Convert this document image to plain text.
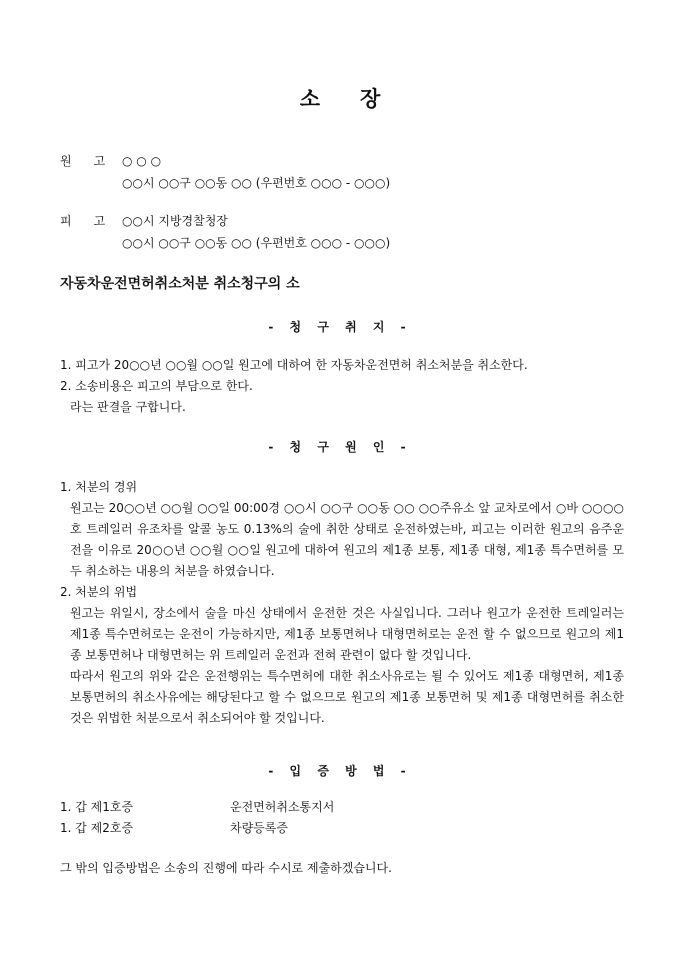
소 장
원 고 ○ ○ ○
○○시 ○○구 ○○동 ○○ (우편번호 ○○○ - ○○○)
피 고 ○○시 지방경찰청장
○○시 ○○구 ○○동 ○○ (우편번호 ○○○ - ○○○)
자동차운전면허취소처분 취소청구의 소
- 청 구 취 지 -

1. 피고가 20○○년 ○○월 ○○일 원고에 대하여 한 자동차운전면허 취소처분을 취소한다.

2. 소송비용은 피고의 부담으로 한다.

라는 판결을 구합니다.

- 청 구 원 인 -

1. 처분의 경위

원고는 20○○년 ○○월 ○○일 00:00경 ○○시 ○○구 ○○동 ○○ ○○주유소 앞 교차로에서 ○바 ○○○○호 트레일러 유조차를 알콜 농도 0.13%의 술에 취한 상태로 운전하였는바, 피고는 이러한 원고의 음주운전을 이유로 20○○년 ○○월 ○○일 원고에 대하여 원고의 제1종 보통, 제1종 대형, 제1종 특수면허를 모두 취소하는 내용의 처분을 하였습니다.

2. 처분의 위법

원고는 위일시, 장소에서 술을 마신 상태에서 운전한 것은 사실입니다. 그러나 원고가 운전한 트레일러는 제1종 특수면허로는 운전이 가능하지만, 제1종 보통면허나 대형면허로는 운전 할 수 없으므로 원고의 제1종 보통면허나 대형면허는 위 트레일러 운전과 전혀 관련이 없다 할 것입니다.

따라서 원고의 위와 같은 운전행위는 특수면허에 대한 취소사유로는 될 수 있어도 제1종 대형면허, 제1종 보통면허의 취소사유에는 해당된다고 할 수 없으므로 원고의 제1종 보통면허 및 제1종 대형면허를 취소한 것은 위법한 처분으로서 취소되어야 할 것입니다.

- 입 증 방 법 -
1. 갑 제1호증	운전면허취소통지서
1. 갑 제2호증	차량등록증
그 밖의 입증방법은 소송의 진행에 따라 수시로 제출하겠습니다.
